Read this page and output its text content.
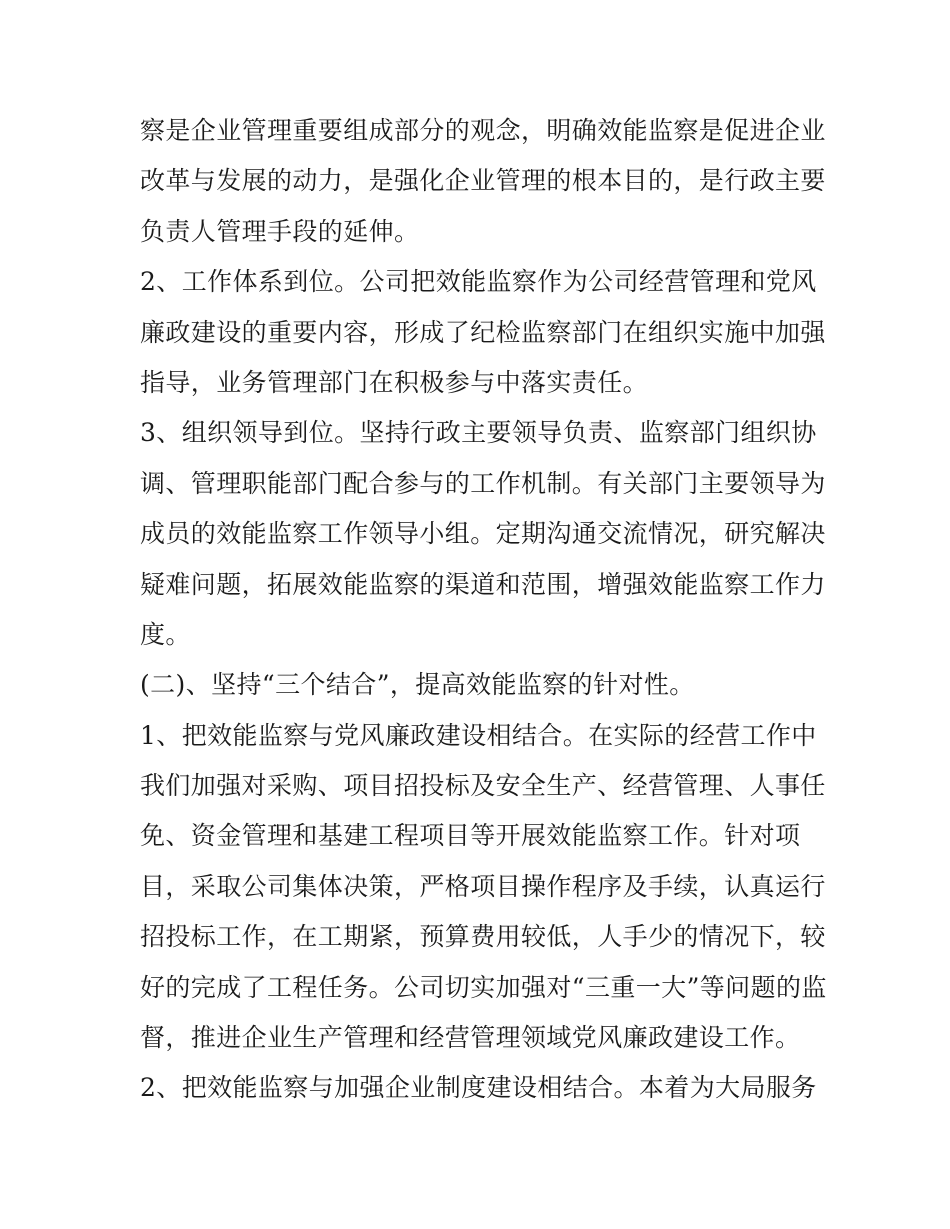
察是企业管理重要组成部分的观念，明确效能监察是促进企业
改革与发展的动力，是强化企业管理的根本目的，是行政主要
负责人管理手段的延伸。
2、工作体系到位。公司把效能监察作为公司经营管理和党风
廉政建设的重要内容，形成了纪检监察部门在组织实施中加强
指导，业务管理部门在积极参与中落实责任。
3、组织领导到位。坚持行政主要领导负责、监察部门组织协
调、管理职能部门配合参与的工作机制。有关部门主要领导为
成员的效能监察工作领导小组。定期沟通交流情况，研究解决
疑难问题，拓展效能监察的渠道和范围，增强效能监察工作力
度。
(二)、坚持“三个结合”，提高效能监察的针对性。
1、把效能监察与党风廉政建设相结合。在实际的经营工作中
我们加强对采购、项目招投标及安全生产、经营管理、人事任
免、资金管理和基建工程项目等开展效能监察工作。针对项
目，采取公司集体决策，严格项目操作程序及手续，认真运行
招投标工作，在工期紧，预算费用较低，人手少的情况下，较
好的完成了工程任务。公司切实加强对“三重一大”等问题的监
督，推进企业生产管理和经营管理领域党风廉政建设工作。
2、把效能监察与加强企业制度建设相结合。本着为大局服务
